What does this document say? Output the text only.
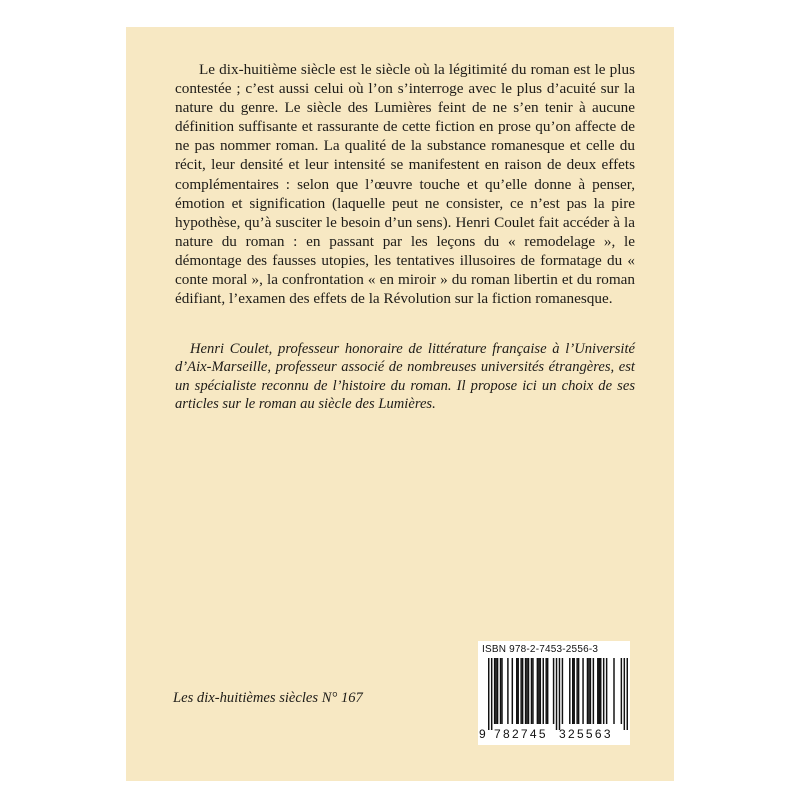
Le dix-huitième siècle est le siècle où la légitimité du roman est le plus contestée ; c’est aussi celui où l’on s’interroge avec le plus d’acuité sur la nature du genre. Le siècle des Lumières feint de ne s’en tenir à aucune définition suffisante et rassurante de cette fiction en prose qu’on affecte de ne pas nommer roman. La qualité de la substance romanesque et celle du récit, leur densité et leur intensité se manifestent en raison de deux effets complémentaires : selon que l’œuvre touche et qu’elle donne à penser, émotion et signification (laquelle peut ne consister, ce n’est pas la pire hypothèse, qu’à susciter le besoin d’un sens). Henri Coulet fait accéder à la nature du roman : en passant par les leçons du « remodelage », le démontage des fausses utopies, les tentatives illusoires de formatage du « conte moral », la confrontation « en miroir » du roman libertin et du roman édifiant, l’examen des effets de la Révolution sur la fiction romanesque.

Henri Coulet, professeur honoraire de littérature française à l’Université d’Aix-Marseille, professeur associé de nombreuses universités étrangères, est un spécialiste reconnu de l’histoire du roman. Il propose ici un choix de ses articles sur le roman au siècle des Lumières.

Les dix-huitièmes siècles N° 167

ISBN 978-2-7453-2556-3
9 782745 325563
